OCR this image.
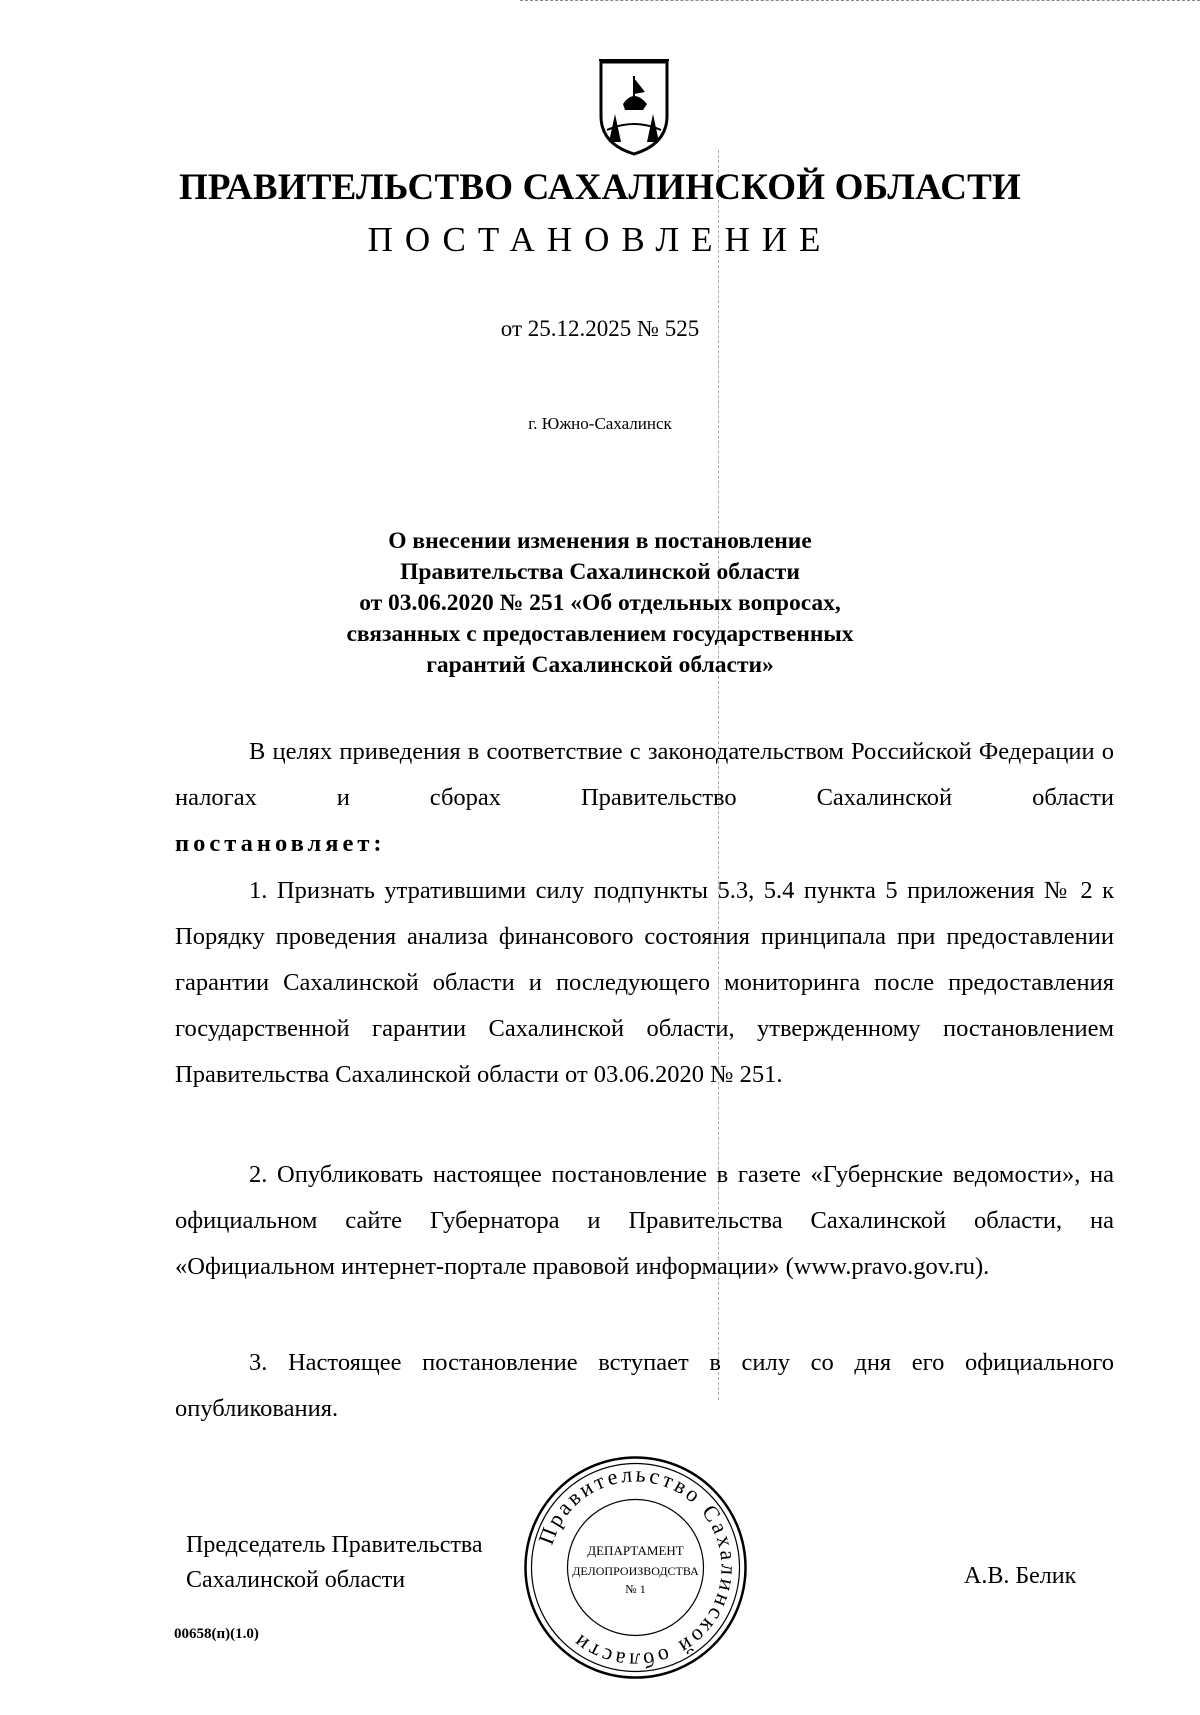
ПРАВИТЕЛЬСТВО САХАЛИНСКОЙ ОБЛАСТИ
ПОСТАНОВЛЕНИЕ
от 25.12.2025 № 525
г. Южно-Сахалинск
О внесении изменения в постановление
Правительства Сахалинской области
от 03.06.2020 № 251 «Об отдельных вопросах,
связанных с предоставлением государственных
гарантий Сахалинской области»
В целях приведения в соответствие с законодательством Российской Федерации о налогах и сборах Правительство Сахалинской области
постановляет:
1. Признать утратившими силу подпункты 5.3, 5.4 пункта 5 приложения № 2 к Порядку проведения анализа финансового состояния принципала при предоставлении гарантии Сахалинской области и последующего мониторинга после предоставления государственной гарантии Сахалинской области, утвержденному постановлением Правительства Сахалинской области от 03.06.2020 № 251.
2. Опубликовать настоящее постановление в газете «Губернские ведомости», на официальном сайте Губернатора и Правительства Сахалинской области, на «Официальном интернет-портале правовой информации» (www.pravo.gov.ru).
3. Настоящее постановление вступает в силу со дня его официального опубликования.
Правительство Сахалинской области
ДЕПАРТАМЕНТ
ДЕЛОПРОИЗВОДСТВА
№ 1
Председатель Правительства
Сахалинской области	А.В. Белик
00658(п)(1.0)
